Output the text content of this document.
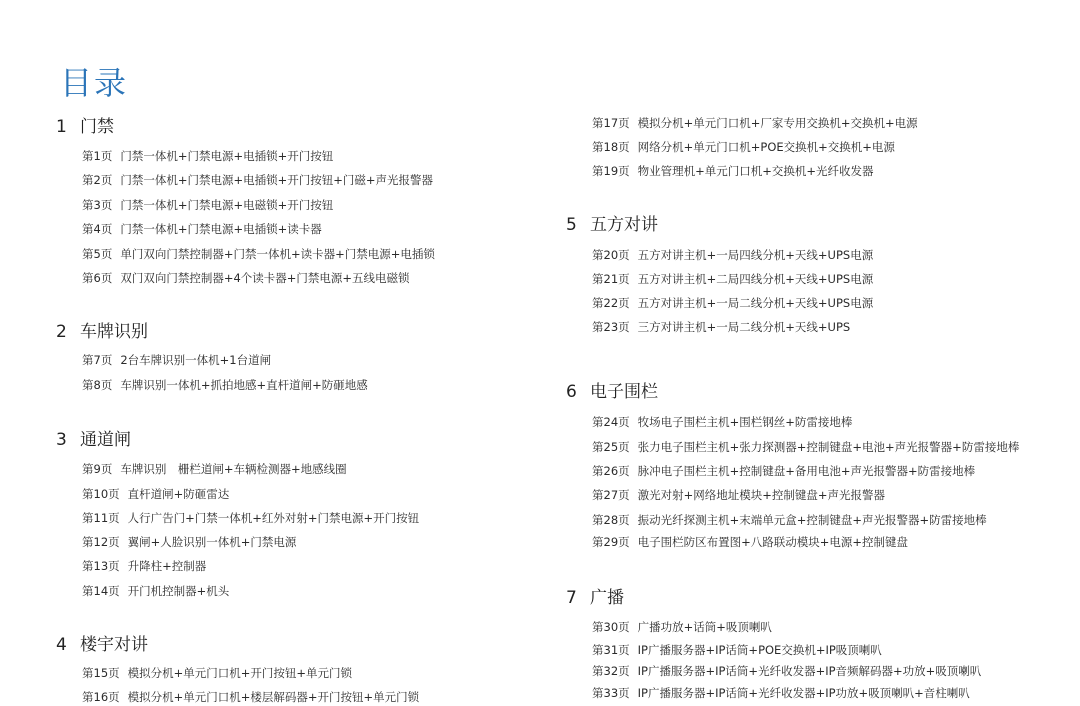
目录
1 门禁
第1页 门禁一体机+门禁电源+电插锁+开门按钮
第2页 门禁一体机+门禁电源+电插锁+开门按钮+门磁+声光报警器
第3页 门禁一体机+门禁电源+电磁锁+开门按钮
第4页 门禁一体机+门禁电源+电插锁+读卡器
第5页 单门双向门禁控制器+门禁一体机+读卡器+门禁电源+电插锁
第6页 双门双向门禁控制器+4个读卡器+门禁电源+五线电磁锁
2 车牌识别
第7页 2台车牌识别一体机+1台道闸
第8页 车牌识别一体机+抓拍地感+直杆道闸+防砸地感
3 通道闸
第9页 车牌识别　栅栏道闸+车辆检测器+地感线圈
第10页 直杆道闸+防砸雷达
第11页 人行广告门+门禁一体机+红外对射+门禁电源+开门按钮
第12页 翼闸+人脸识别一体机+门禁电源
第13页 升降柱+控制器
第14页 开门机控制器+机头
4 楼宇对讲
第15页 模拟分机+单元门口机+开门按钮+单元门锁
第16页 模拟分机+单元门口机+楼层解码器+开门按钮+单元门锁
第17页 模拟分机+单元门口机+厂家专用交换机+交换机+电源
第18页 网络分机+单元门口机+POE交换机+交换机+电源
第19页 物业管理机+单元门口机+交换机+光纤收发器
5 五方对讲
第20页 五方对讲主机+一局四线分机+天线+UPS电源
第21页 五方对讲主机+二局四线分机+天线+UPS电源
第22页 五方对讲主机+一局二线分机+天线+UPS电源
第23页 三方对讲主机+一局二线分机+天线+UPS
6 电子围栏
第24页 牧场电子围栏主机+围栏钢丝+防雷接地棒
第25页 张力电子围栏主机+张力探测器+控制键盘+电池+声光报警器+防雷接地棒
第26页 脉冲电子围栏主机+控制键盘+备用电池+声光报警器+防雷接地棒
第27页 激光对射+网络地址模块+控制键盘+声光报警器
第28页 振动光纤探测主机+末端单元盒+控制键盘+声光报警器+防雷接地棒
第29页 电子围栏防区布置图+八路联动模块+电源+控制键盘
7 广播
第30页 广播功放+话筒+吸顶喇叭
第31页 IP广播服务器+IP话筒+POE交换机+IP吸顶喇叭
第32页 IP广播服务器+IP话筒+光纤收发器+IP音频解码器+功放+吸顶喇叭
第33页 IP广播服务器+IP话筒+光纤收发器+IP功放+吸顶喇叭+音柱喇叭
